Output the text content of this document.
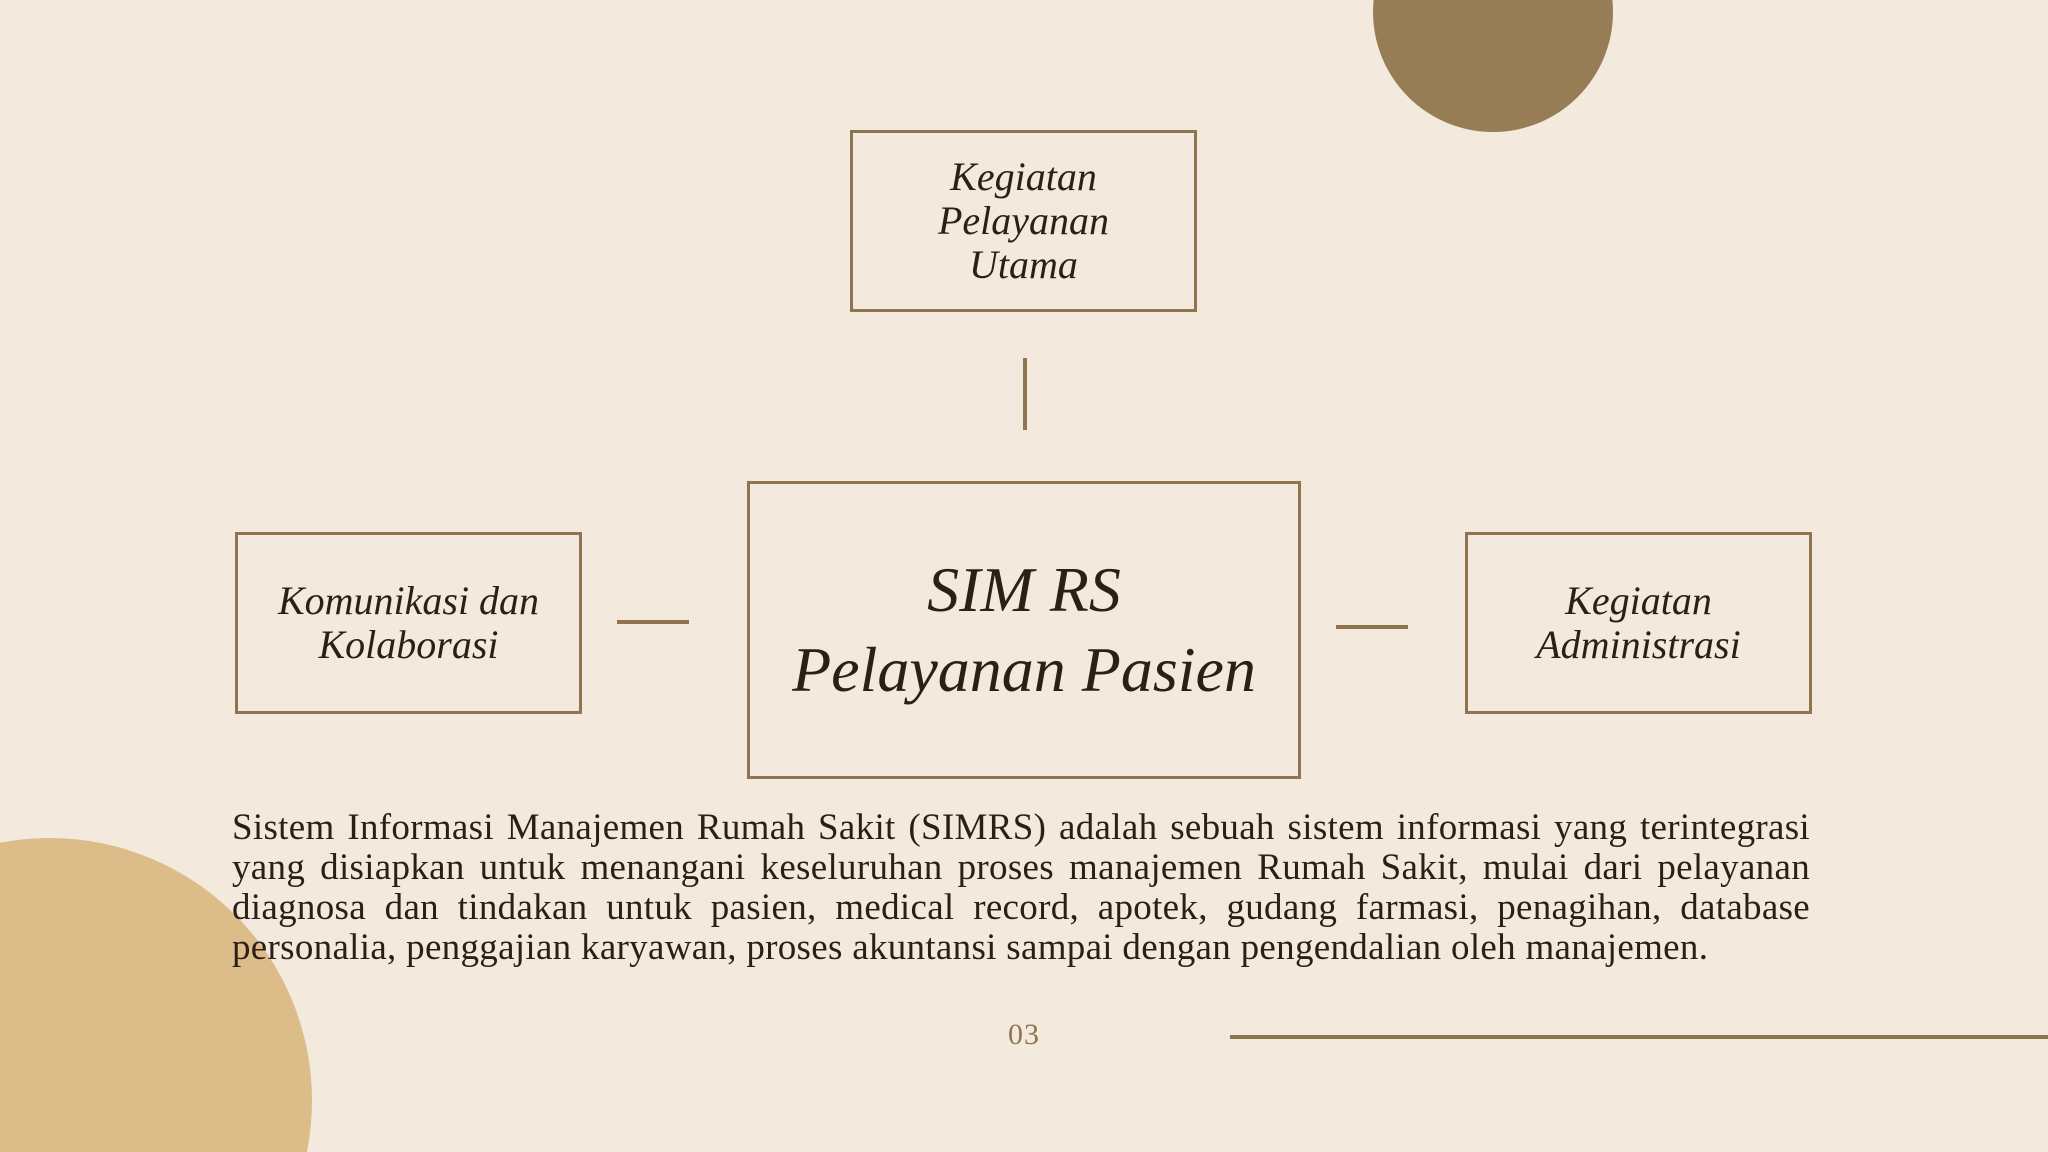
Kegiatan
Pelayanan
Utama
Komunikasi dan
Kolaborasi
SIM RS
Pelayanan Pasien
Kegiatan
Administrasi

Sistem Informasi Manajemen Rumah Sakit (SIMRS) adalah sebuah sistem informasi yang terintegrasi yang disiapkan untuk menangani keseluruhan proses manajemen Rumah Sakit, mulai dari pelayanan diagnosa dan tindakan untuk pasien, medical record, apotek, gudang farmasi, penagihan, database personalia, penggajian karyawan, proses akuntansi sampai dengan pengendalian oleh manajemen.

03
